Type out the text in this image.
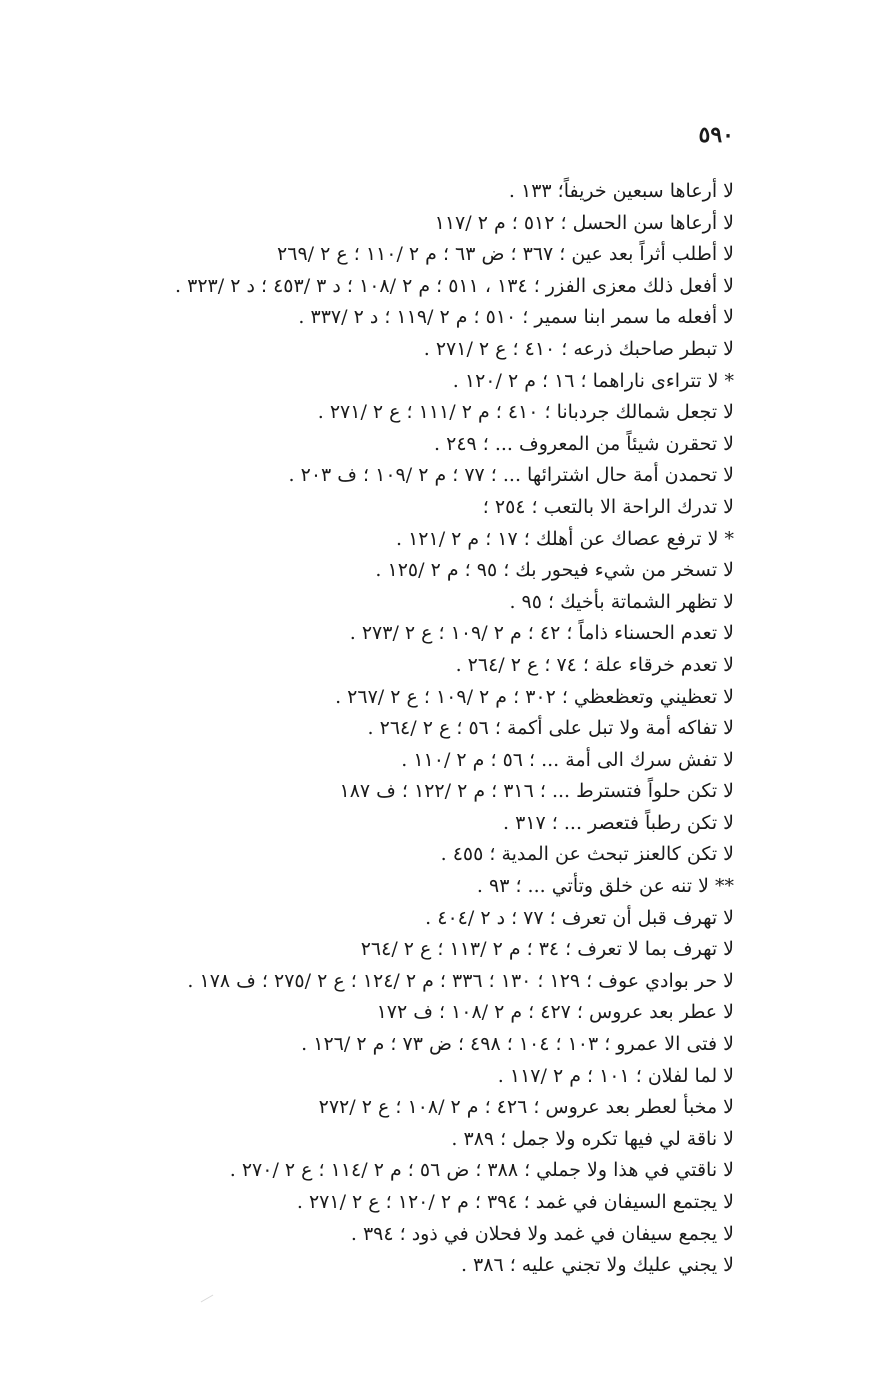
٥٩٠
لا أرعاها سبعين خريفاً؛ ١٣٣ .
لا أرعاها سن الحسل ؛ ٥١٢ ؛ م ٢ /١١٧
لا أطلب أثراً بعد عين ؛ ٣٦٧ ؛ ض ٦٣ ؛ م ٢ /١١٠ ؛ ع ٢ /٢٦٩
لا أفعل ذلك معزى الفزر ؛ ١٣٤ ، ٥١١ ؛ م ٢ /١٠٨ ؛ د ٣ /٤٥٣ ؛ د ٢ /٣٢٣ .
لا أفعله ما سمر ابنا سمير ؛ ٥١٠ ؛ م ٢ /١١٩ ؛ د ٢ /٣٣٧ .
لا تبطر صاحبك ذرعه ؛ ٤١٠ ؛ ع ٢ /٢٧١ .
* لا تتراءى ناراهما ؛ ١٦ ؛ م ٢ /١٢٠ .
لا تجعل شمالك جردبانا ؛ ٤١٠ ؛ م ٢ /١١١ ؛ ع ٢ /٢٧١ .
لا تحقرن شيئاً من المعروف ... ؛ ٢٤٩ .
لا تحمدن أمة حال اشترائها ... ؛ ٧٧ ؛ م ٢ /١٠٩ ؛ ف ٢٠٣ .
لا تدرك الراحة الا بالتعب ؛ ٢٥٤ ؛
* لا ترفع عصاك عن أهلك ؛ ١٧ ؛ م ٢ /١٢١ .
لا تسخر من شيء فيحور بك ؛ ٩٥ ؛ م ٢ /١٢٥ .
لا تظهر الشماتة بأخيك ؛ ٩٥ .
لا تعدم الحسناء ذاماً ؛ ٤٢ ؛ م ٢ /١٠٩ ؛ ع ٢ /٢٧٣ .
لا تعدم خرقاء علة ؛ ٧٤ ؛ ع ٢ /٢٦٤ .
لا تعظيني وتعظعظي ؛ ٣٠٢ ؛ م ٢ /١٠٩ ؛ ع ٢ /٢٦٧ .
لا تفاكه أمة ولا تبل على أكمة ؛ ٥٦ ؛ ع ٢ /٢٦٤ .
لا تفش سرك الى أمة ... ؛ ٥٦ ؛ م ٢ /١١٠ .
لا تكن حلواً فتسترط ... ؛ ٣١٦ ؛ م ٢ /١٢٢ ؛ ف ١٨٧
لا تكن رطباً فتعصر ... ؛ ٣١٧ .
لا تكن كالعنز تبحث عن المدية ؛ ٤٥٥ .
** لا تنه عن خلق وتأتي ... ؛ ٩٣ .
لا تهرف قبل أن تعرف ؛ ٧٧ ؛ د ٢ /٤٠٤ .
لا تهرف بما لا تعرف ؛ ٣٤ ؛ م ٢ /١١٣ ؛ ع ٢ /٢٦٤
لا حر بوادي عوف ؛ ١٢٩ ؛ ١٣٠ ؛ ٣٣٦ ؛ م ٢ /١٢٤ ؛ ع ٢ /٢٧٥ ؛ ف ١٧٨ .
لا عطر بعد عروس ؛ ٤٢٧ ؛ م ٢ /١٠٨ ؛ ف ١٧٢
لا فتى الا عمرو ؛ ١٠٣ ؛ ١٠٤ ؛ ٤٩٨ ؛ ض ٧٣ ؛ م ٢ /١٢٦ .
لا لما لفلان ؛ ١٠١ ؛ م ٢ /١١٧ .
لا مخبأ لعطر بعد عروس ؛ ٤٢٦ ؛ م ٢ /١٠٨ ؛ ع ٢ /٢٧٢
لا ناقة لي فيها تكره ولا جمل ؛ ٣٨٩ .
لا ناقتي في هذا ولا جملي ؛ ٣٨٨ ؛ ض ٥٦ ؛ م ٢ /١١٤ ؛ ع ٢ /٢٧٠ .
لا يجتمع السيفان في غمد ؛ ٣٩٤ ؛ م ٢ /١٢٠ ؛ ع ٢ /٢٧١ .
لا يجمع سيفان في غمد ولا فحلان في ذود ؛ ٣٩٤ .
لا يجني عليك ولا تجني عليه ؛ ٣٨٦ .
